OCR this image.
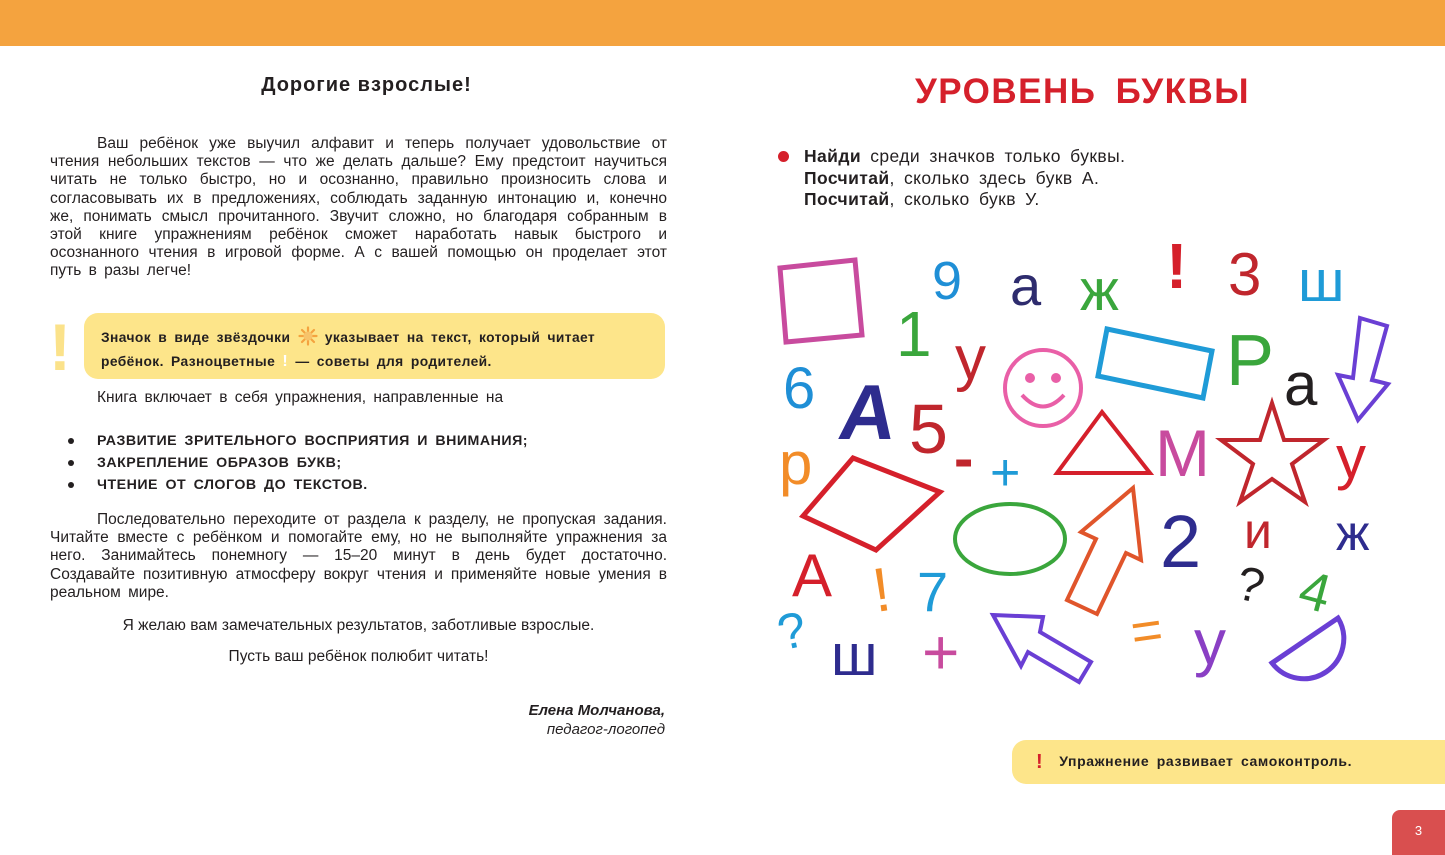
Дорогие взрослые!

Ваш ребёнок уже выучил алфавит и теперь получает удовольствие от чтения небольших текстов — что же делать дальше? Ему предстоит научиться читать не только быстро, но и осознанно, правильно произносить слова и согласовывать их в предложениях, соблюдать заданную интонацию и, конечно же, понимать смысл прочитанного. Звучит сложно, но благодаря собранным в этой книге упражнениям ребёнок сможет наработать навык быстрого и осознанного чтения в игровой форме. А с вашей помощью он проделает этот путь в разы легче!

!	Значок в виде звёздочки указывает на текст, который читает ребёнок. Разноцветные ! — советы для родителей.

Книга включает в себя упражнения, направленные на

РАЗВИТИЕ ЗРИТЕЛЬНОГО ВОСПРИЯТИЯ И ВНИМАНИЯ;
ЗАКРЕПЛЕНИЕ ОБРАЗОВ БУКВ;
ЧТЕНИЕ ОТ СЛОГОВ ДО ТЕКСТОВ.

Последовательно переходите от раздела к разделу, не пропуская задания. Читайте вместе с ребёнком и помогайте ему, но не выполняйте упражнения за него. Занимайтесь понемногу — 15–20 минут в день будет достаточно. Создавайте позитивную атмосферу вокруг чтения и применяйте новые умения в реальном мире.

Я желаю вам замечательных результатов, заботливые взрослые.
Пусть ваш ребёнок полюбит читать!
Елена Молчанова,
педагог-логопед
УРОВЕНЬ БУКВЫ
Найди среди значков только буквы.
Посчитай, сколько здесь букв А.
Посчитай, сколько букв У.
9 а ж ! 3 ш
1 у	Р а
6 А 5 - + М у
р
2 и ж
А ! 7	? 4
? ш +	= у
! Упражнение развивает самоконтроль.
3
